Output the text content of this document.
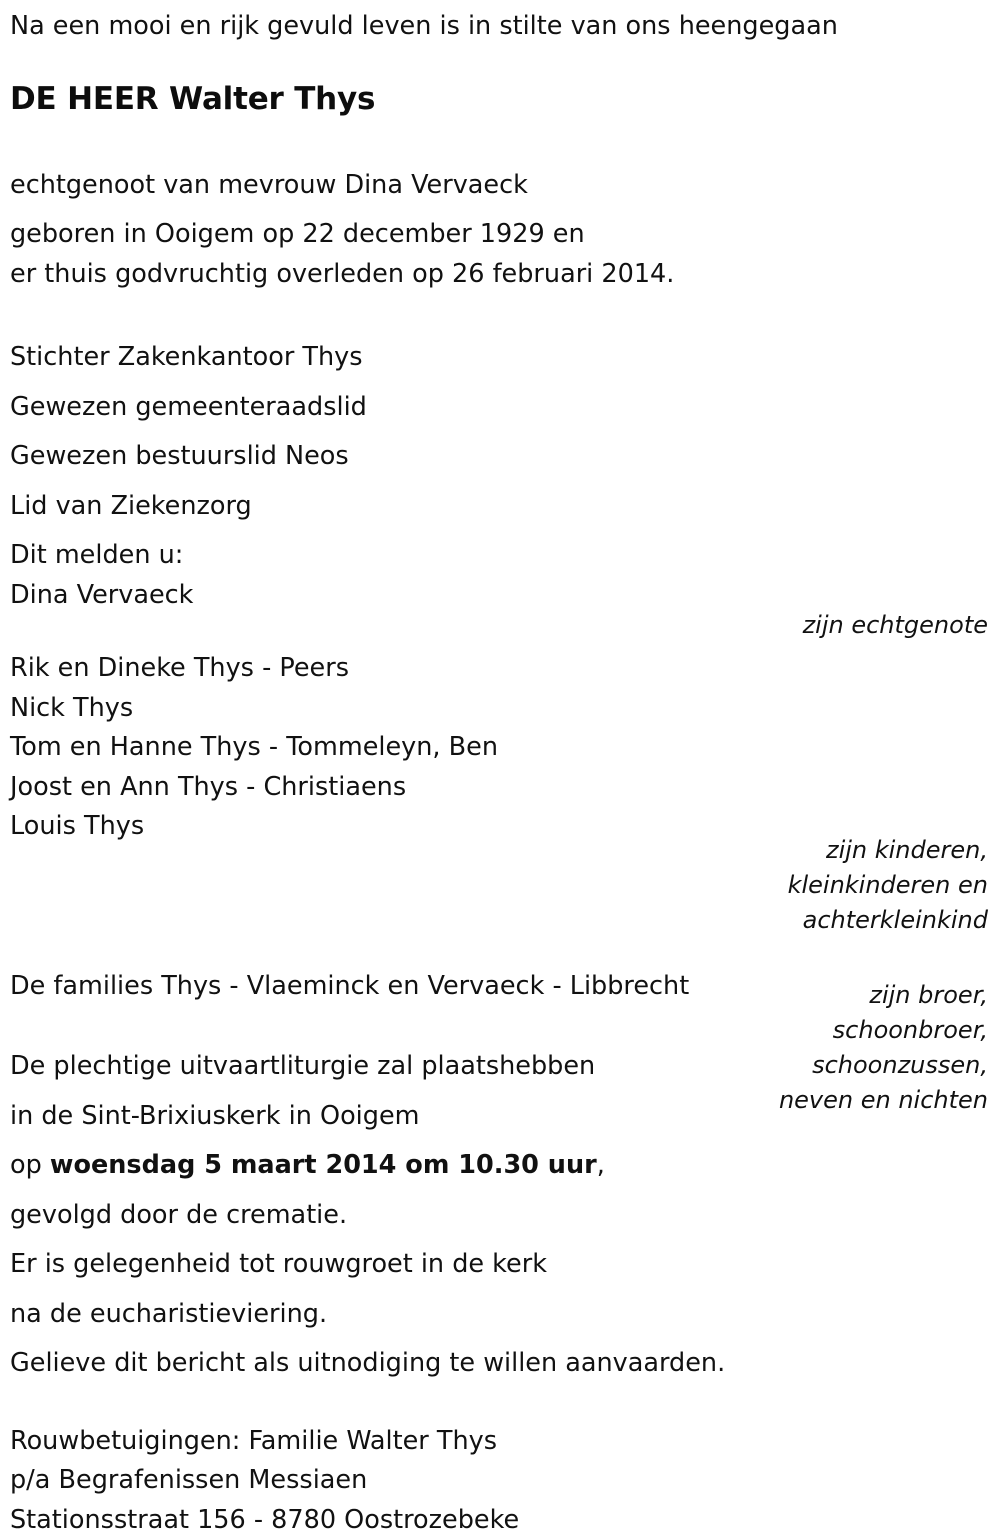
Na een mooi en rijk gevuld leven is in stilte van ons heengegaan
DE HEER Walter Thys
echtgenoot van mevrouw Dina Vervaeck
geboren in Ooigem op 22 december 1929 en
er thuis godvruchtig overleden op 26 februari 2014.
Stichter Zakenkantoor Thys
Gewezen gemeenteraadslid
Gewezen bestuurslid Neos
Lid van Ziekenzorg
Dit melden u:
Dina Vervaeck
Rik en Dineke Thys - Peers
Nick Thys
Tom en Hanne Thys - Tommeleyn, Ben
Joost en Ann Thys - Christiaens
Louis Thys
De families Thys - Vlaeminck en Vervaeck - Libbrecht
De plechtige uitvaartliturgie zal plaatshebben
in de Sint-Brixiuskerk in Ooigem
op woensdag 5 maart 2014 om 10.30 uur,
gevolgd door de crematie.
Er is gelegenheid tot rouwgroet in de kerk
na de eucharistieviering.
Gelieve dit bericht als uitnodiging te willen aanvaarden.
Rouwbetuigingen: Familie Walter Thys
p/a Begrafenissen Messiaen
Stationsstraat 156 - 8780 Oostrozebeke
zijn echtgenote
zijn kinderen,
kleinkinderen en
achterkleinkind
zijn broer,
schoonbroer,
schoonzussen,
neven en nichten
